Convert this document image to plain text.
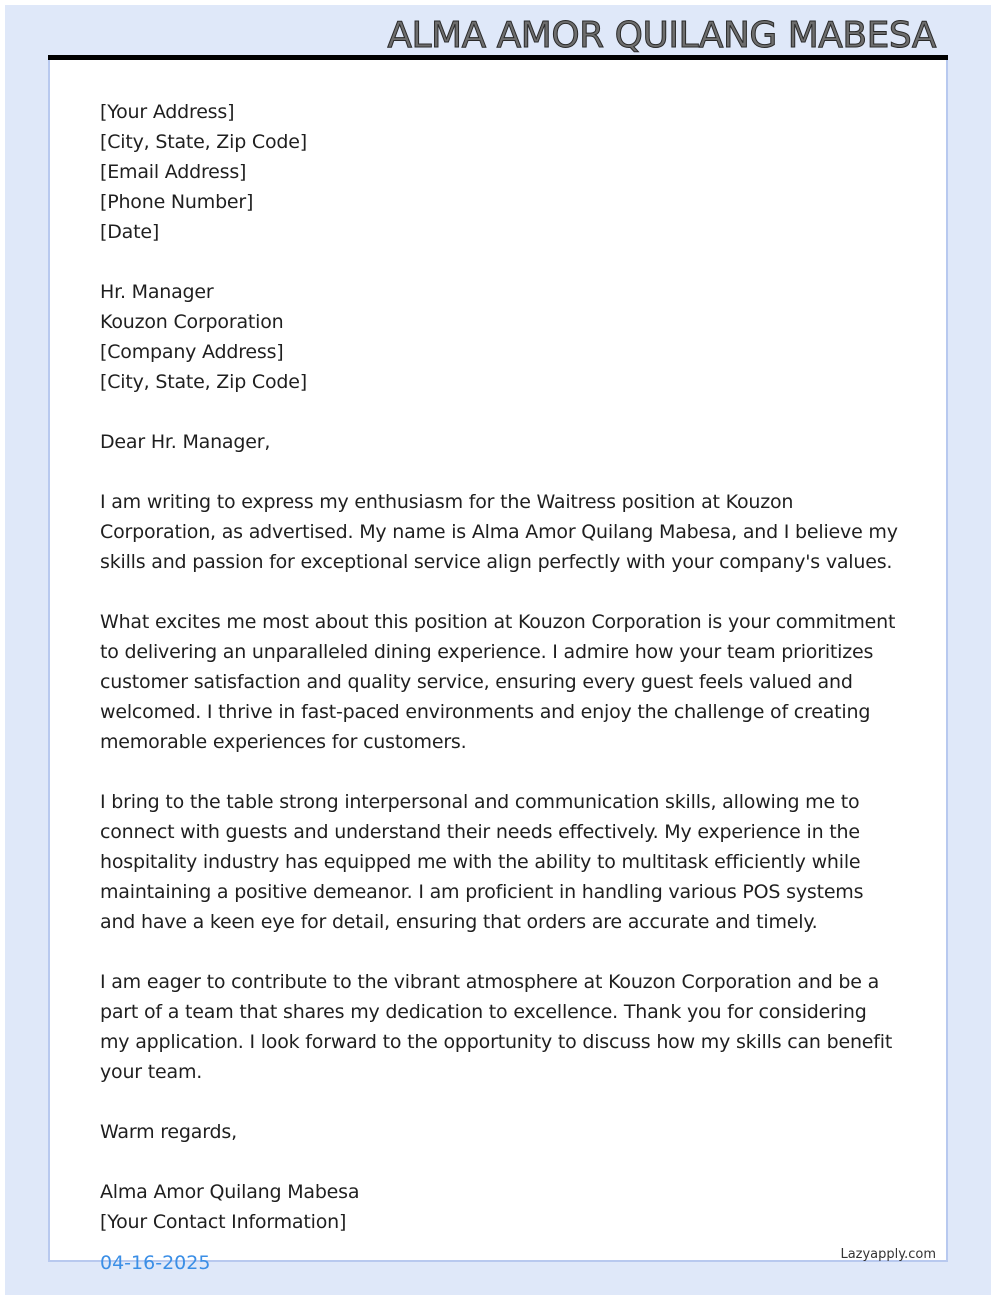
ALMA AMOR QUILANG MABESA
[Your Address]
[City, State, Zip Code]
[Email Address]
[Phone Number]
[Date]
Hr. Manager
Kouzon Corporation
[Company Address]
[City, State, Zip Code]

Dear Hr. Manager,

I am writing to express my enthusiasm for the Waitress position at Kouzon Corporation, as advertised. My name is Alma Amor Quilang Mabesa, and I believe my skills and passion for exceptional service align perfectly with your company's values.

What excites me most about this position at Kouzon Corporation is your commitment to delivering an unparalleled dining experience. I admire how your team prioritizes customer satisfaction and quality service, ensuring every guest feels valued and welcomed. I thrive in fast-paced environments and enjoy the challenge of creating memorable experiences for customers.

I bring to the table strong interpersonal and communication skills, allowing me to connect with guests and understand their needs effectively. My experience in the hospitality industry has equipped me with the ability to multitask efficiently while maintaining a positive demeanor. I am proficient in handling various POS systems and have a keen eye for detail, ensuring that orders are accurate and timely.

I am eager to contribute to the vibrant atmosphere at Kouzon Corporation and be a part of a team that shares my dedication to excellence. Thank you for considering my application. I look forward to the opportunity to discuss how my skills can benefit your team.

Warm regards,

Alma Amor Quilang Mabesa
[Your Contact Information]
04-16-2025	Lazyapply.com
